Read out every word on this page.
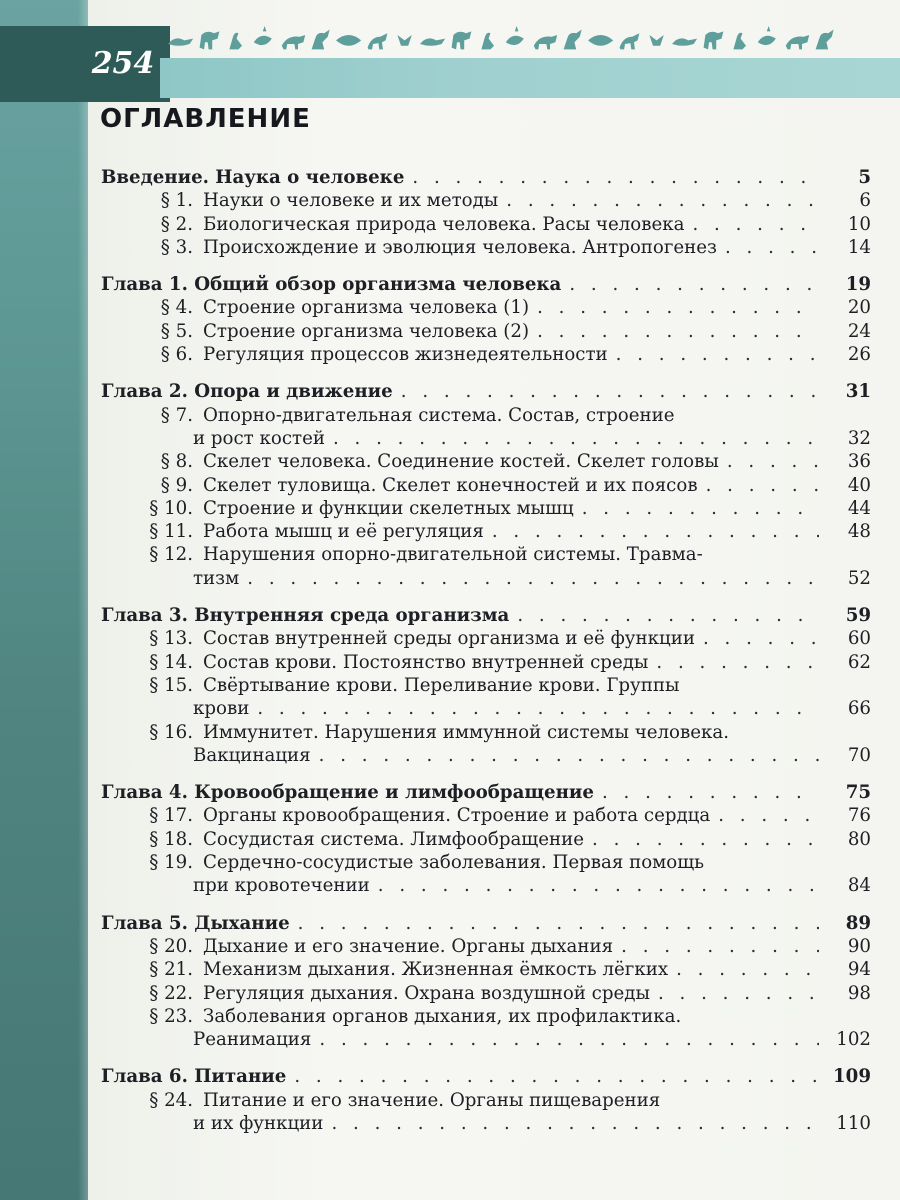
254
ОГЛАВЛЕНИЕ
Введение. Наука о человеке . . .	5
§ 1. Науки о человеке и их методы . . .	6
§ 2. Биологическая природа человека. Расы человека . . .	10
§ 3. Происхождение и эволюция человека. Антропогенез . . .	14
Глава 1. Общий обзор организма человека . . .	19
§ 4. Строение организма человека (1) . . .	20
§ 5. Строение организма человека (2) . . .	24
§ 6. Регуляция процессов жизнедеятельности . . .	26
Глава 2. Опора и движение . . .	31
§ 7. Опорно-двигательная система. Состав, строение
и рост костей . . .	32
§ 8. Скелет человека. Соединение костей. Скелет головы . . .	36
§ 9. Скелет туловища. Скелет конечностей и их поясов . . .	40
§ 10. Строение и функции скелетных мышц . . .	44
§ 11. Работа мышц и её регуляция . . .	48
§ 12. Нарушения опорно-двигательной системы. Травма-
тизм . . .	52
Глава 3. Внутренняя среда организма . . .	59
§ 13. Состав внутренней среды организма и её функции . . .	60
§ 14. Состав крови. Постоянство внутренней среды . . .	62
§ 15. Свёртывание крови. Переливание крови. Группы
крови . . .	66
§ 16. Иммунитет. Нарушения иммунной системы человека.
Вакцинация . . .	70
Глава 4. Кровообращение и лимфообращение . . .	75
§ 17. Органы кровообращения. Строение и работа сердца . . .	76
§ 18. Сосудистая система. Лимфообращение . . .	80
§ 19. Сердечно-сосудистые заболевания. Первая помощь
при кровотечении . . .	84
Глава 5. Дыхание . . .	89
§ 20. Дыхание и его значение. Органы дыхания . . .	90
§ 21. Механизм дыхания. Жизненная ёмкость лёгких . . .	94
§ 22. Регуляция дыхания. Охрана воздушной среды . . .	98
§ 23. Заболевания органов дыхания, их профилактика.
Реанимация . . .	102
Глава 6. Питание . . .	109
§ 24. Питание и его значение. Органы пищеварения
и их функции . . .	110
